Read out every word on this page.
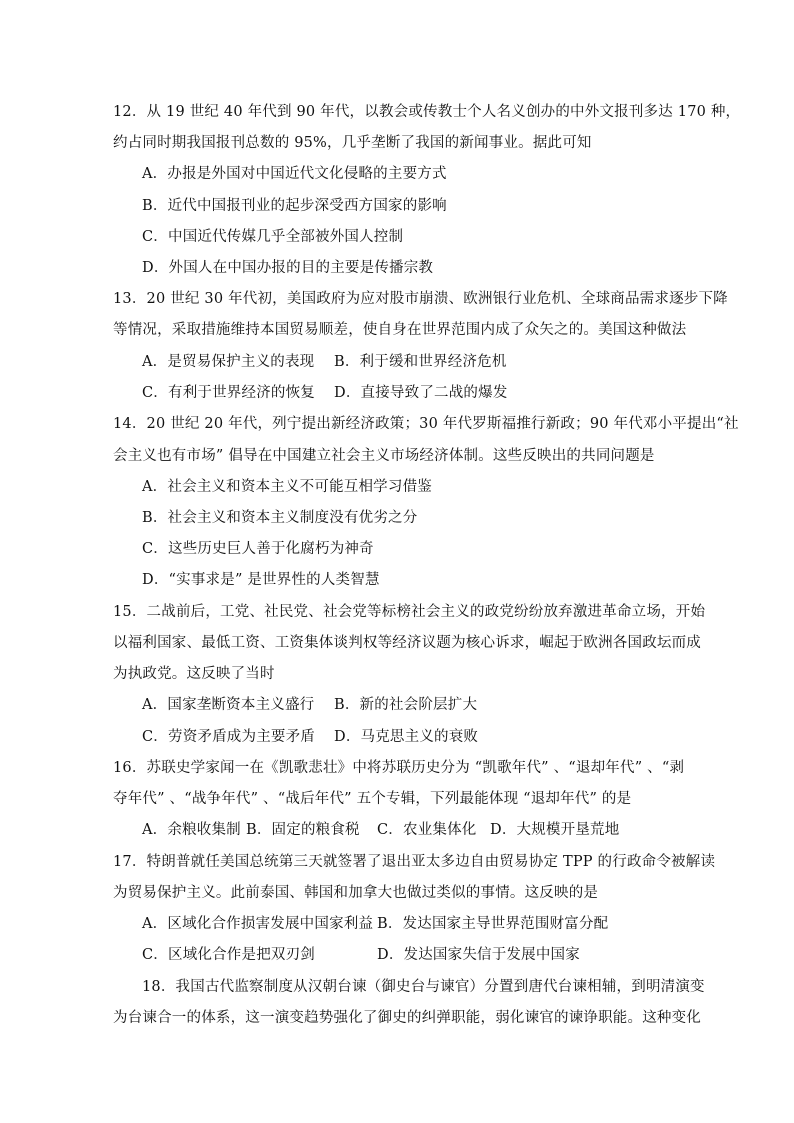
12．从 19 世纪 40 年代到 90 年代，以教会或传教士个人名义创办的中外文报刊多达 170 种，
约占同时期我国报刊总数的 95%，几乎垄断了我国的新闻事业。据此可知
A．办报是外国对中国近代文化侵略的主要方式
B．近代中国报刊业的起步深受西方国家的影响
C．中国近代传媒几乎全部被外国人控制
D．外国人在中国办报的目的主要是传播宗教
13．20 世纪 30 年代初，美国政府为应对股市崩溃、欧洲银行业危机、全球商品需求逐步下降
等情况，采取措施维持本国贸易顺差，使自身在世界范围内成了众矢之的。美国这种做法
A．是贸易保护主义的表现 B．利于缓和世界经济危机
C．有利于世界经济的恢复 D．直接导致了二战的爆发
14．20 世纪 20 年代，列宁提出新经济政策；30 年代罗斯福推行新政；90 年代邓小平提出“社
会主义也有市场” 倡导在中国建立社会主义市场经济体制。这些反映出的共同问题是
A．社会主义和资本主义不可能互相学习借鉴
B．社会主义和资本主义制度没有优劣之分
C．这些历史巨人善于化腐朽为神奇
D．“实事求是” 是世界性的人类智慧
15．二战前后，工党、社民党、社会党等标榜社会主义的政党纷纷放弃激进革命立场，开始
以福利国家、最低工资、工资集体谈判权等经济议题为核心诉求，崛起于欧洲各国政坛而成
为执政党。这反映了当时
A．国家垄断资本主义盛行 B．新的社会阶层扩大
C．劳资矛盾成为主要矛盾 D．马克思主义的衰败
16．苏联史学家闻一在《凯歌悲壮》中将苏联历史分为 “凯歌年代” 、“退却年代” 、“剥
夺年代” 、“战争年代” 、“战后年代” 五个专辑，下列最能体现 “退却年代” 的是
A．余粮收集制 B．固定的粮食税 C．农业集体化 D．大规模开垦荒地
17．特朗普就任美国总统第三天就签署了退出亚太多边自由贸易协定 TPP 的行政命令被解读
为贸易保护主义。此前泰国、韩国和加拿大也做过类似的事情。这反映的是
A．区域化合作损害发展中国家利益 B．发达国家主导世界范围财富分配
C．区域化合作是把双刃剑	D．发达国家失信于发展中国家
18．我国古代监察制度从汉朝台谏（御史台与谏官）分置到唐代台谏相辅，到明清演变
为台谏合一的体系，这一演变趋势强化了御史的纠弹职能，弱化谏官的谏诤职能。这种变化
